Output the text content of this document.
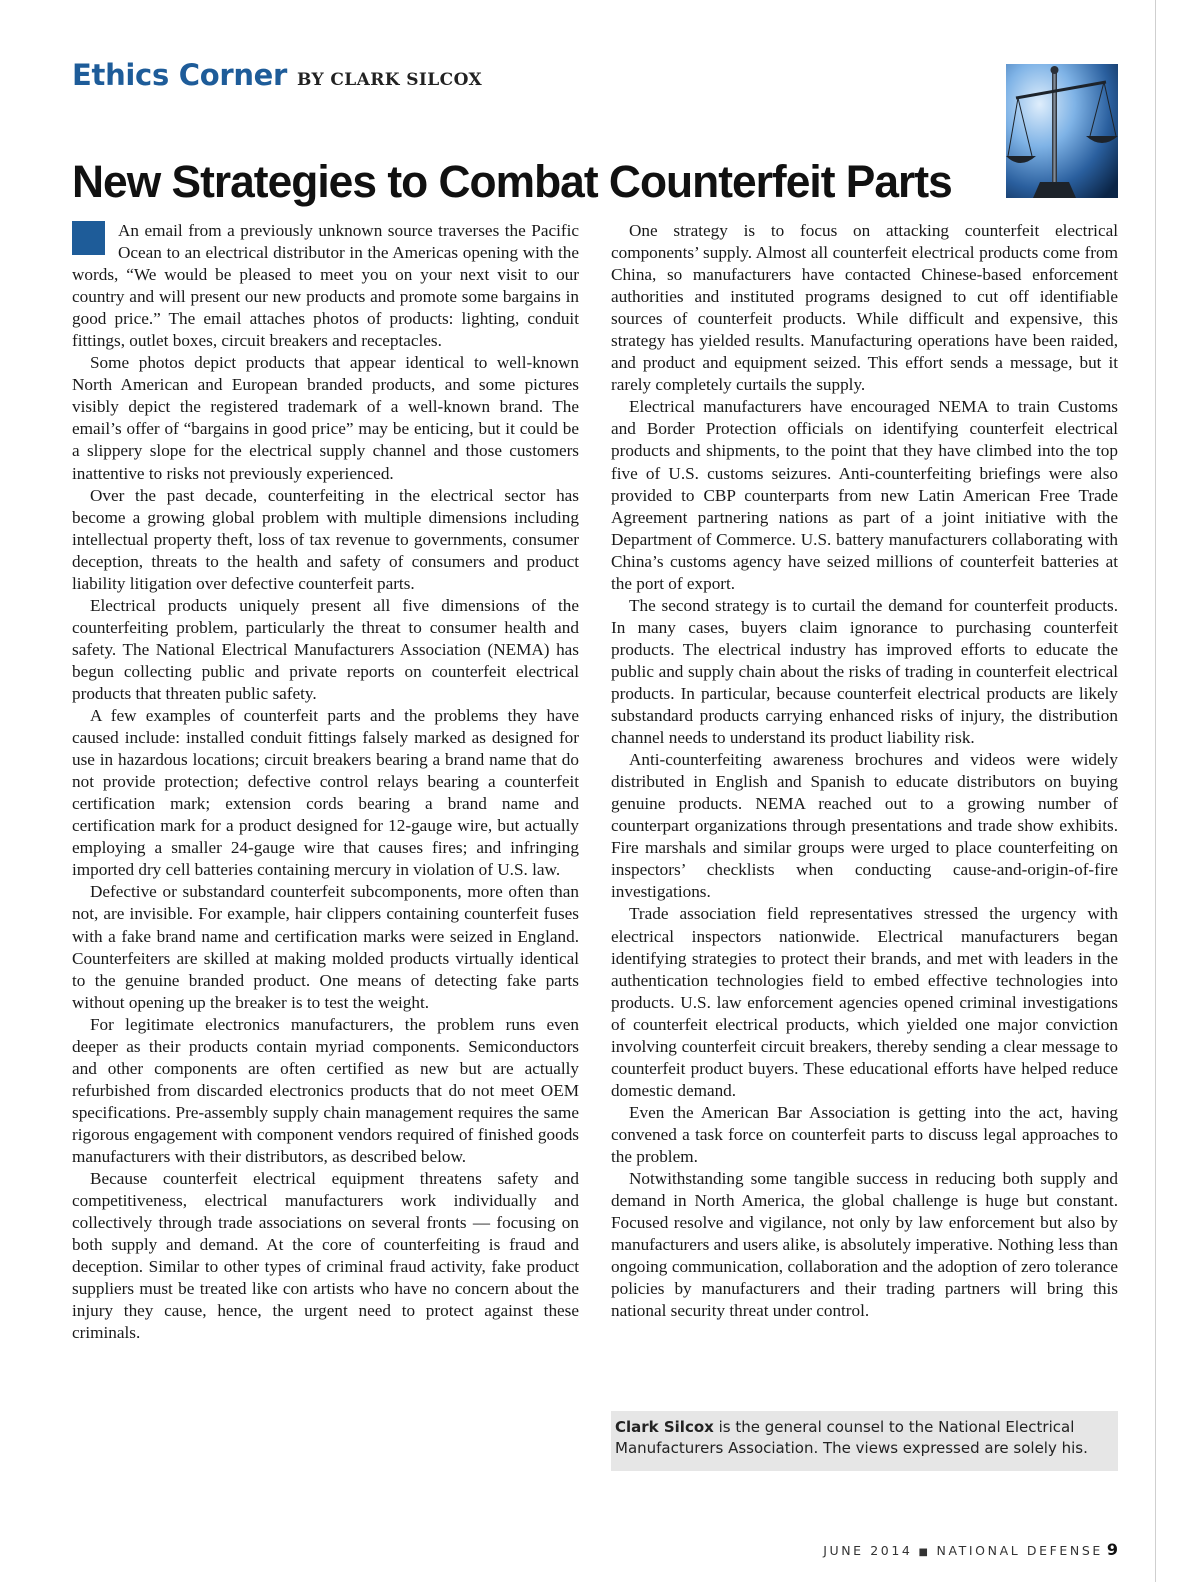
Ethics Corner BY CLARK SILCOX
New Strategies to Combat Counterfeit Parts

An email from a previously unknown source traverses the Pacific Ocean to an electrical distributor in the Americas opening with the words, “We would be pleased to meet you on your next visit to our country and will present our new products and promote some bargains in good price.” The email attaches photos of products: lighting, conduit fittings, outlet boxes, circuit breakers and receptacles.

Some photos depict products that appear identical to well-known North American and European branded products, and some pictures visibly depict the registered trademark of a well-known brand. The email’s offer of “bargains in good price” may be enticing, but it could be a slippery slope for the electrical supply channel and those customers inattentive to risks not previously experienced.

Over the past decade, counterfeiting in the electrical sector has become a growing global problem with multiple dimensions including intellectual property theft, loss of tax revenue to governments, consumer deception, threats to the health and safety of consumers and product liability litigation over defective counterfeit parts.

Electrical products uniquely present all five dimensions of the counterfeiting problem, particularly the threat to consumer health and safety. The National Electrical Manufacturers Association (NEMA) has begun collecting public and private reports on counterfeit electrical products that threaten public safety.

A few examples of counterfeit parts and the problems they have caused include: installed conduit fittings falsely marked as designed for use in hazardous locations; circuit breakers bearing a brand name that do not provide protection; defective control relays bearing a counterfeit certification mark; extension cords bearing a brand name and certification mark for a product designed for 12-gauge wire, but actually employing a smaller 24-gauge wire that causes fires; and infringing imported dry cell batteries containing mercury in violation of U.S. law.

Defective or substandard counterfeit subcomponents, more often than not, are invisible. For example, hair clippers containing counterfeit fuses with a fake brand name and certification marks were seized in England. Counterfeiters are skilled at making molded products virtually identical to the genuine branded product. One means of detecting fake parts without opening up the breaker is to test the weight.

For legitimate electronics manufacturers, the problem runs even deeper as their products contain myriad components. Semiconductors and other components are often certified as new but are actually refurbished from discarded electronics products that do not meet OEM specifications. Pre-assembly supply chain management requires the same rigorous engagement with component vendors required of finished goods manufacturers with their distributors, as described below.

Because counterfeit electrical equipment threatens safety and competitiveness, electrical manufacturers work individually and collectively through trade associations on several fronts — focusing on both supply and demand. At the core of counterfeiting is fraud and deception. Similar to other types of criminal fraud activity, fake product suppliers must be treated like con artists who have no concern about the injury they cause, hence, the urgent need to protect against these criminals.

One strategy is to focus on attacking counterfeit electrical components’ supply. Almost all counterfeit electrical products come from China, so manufacturers have contacted Chinese-based enforcement authorities and instituted programs designed to cut off identifiable sources of counterfeit products. While difficult and expensive, this strategy has yielded results. Manufacturing operations have been raided, and product and equipment seized. This effort sends a message, but it rarely completely curtails the supply.

Electrical manufacturers have encouraged NEMA to train Customs and Border Protection officials on identifying counterfeit electrical products and shipments, to the point that they have climbed into the top five of U.S. customs seizures. Anti-counterfeiting briefings were also provided to CBP counterparts from new Latin American Free Trade Agreement partnering nations as part of a joint initiative with the Department of Commerce. U.S. battery manufacturers collaborating with China’s customs agency have seized millions of counterfeit batteries at the port of export.

The second strategy is to curtail the demand for counterfeit products. In many cases, buyers claim ignorance to purchasing counterfeit products. The electrical industry has improved efforts to educate the public and supply chain about the risks of trading in counterfeit electrical products. In particular, because counterfeit electrical products are likely substandard products carrying enhanced risks of injury, the distribution channel needs to understand its product liability risk.

Anti-counterfeiting awareness brochures and videos were widely distributed in English and Spanish to educate distributors on buying genuine products. NEMA reached out to a growing number of counterpart organizations through presentations and trade show exhibits. Fire marshals and similar groups were urged to place counterfeiting on inspectors’ checklists when conducting cause-and-origin-of-fire investigations.

Trade association field representatives stressed the urgency with electrical inspectors nationwide. Electrical manufacturers began identifying strategies to protect their brands, and met with leaders in the authentication technologies field to embed effective technologies into products. U.S. law enforcement agencies opened criminal investigations of counterfeit electrical products, which yielded one major conviction involving counterfeit circuit breakers, thereby sending a clear message to counterfeit product buyers. These educational efforts have helped reduce domestic demand.

Even the American Bar Association is getting into the act, having convened a task force on counterfeit parts to discuss legal approaches to the problem.

Notwithstanding some tangible success in reducing both supply and demand in North America, the global challenge is huge but constant. Focused resolve and vigilance, not only by law enforcement but also by manufacturers and users alike, is absolutely imperative. Nothing less than ongoing communication, collaboration and the adoption of zero tolerance policies by manufacturers and their trading partners will bring this national security threat under control.

Clark Silcox is the general counsel to the National Electrical Manufacturers Association. The views expressed are solely his.
JUNE 2014 ■ NATIONAL DEFENSE 9
